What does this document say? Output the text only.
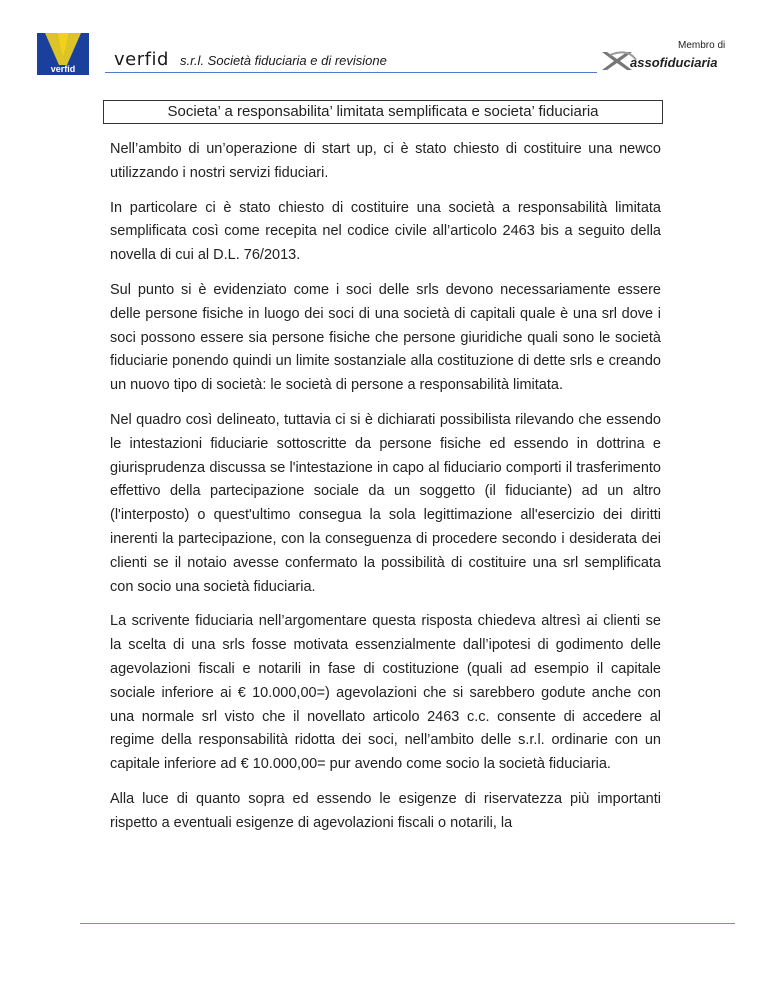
verfid verfid s.r.l. Società fiduciaria e di revisione
Membro di
assofiduciaria
Societa’ a responsabilita’ limitata semplificata e societa’ fiduciaria

Nell’ambito di un’operazione di start up, ci è stato chiesto di costituire una newco utilizzando i nostri servizi fiduciari.

In particolare ci è stato chiesto di costituire una società a responsabilità limitata semplificata così come recepita nel codice civile all’articolo 2463 bis a seguito della novella di cui al D.L. 76/2013.

Sul punto si è evidenziato come i soci delle srls devono necessariamente essere delle persone fisiche in luogo dei soci di una società di capitali quale è una srl dove i soci possono essere sia persone fisiche che persone giuridiche quali sono le società fiduciarie ponendo quindi un limite sostanziale alla costituzione di dette srls e creando un nuovo tipo di società: le società di persone a responsabilità limitata.

Nel quadro così delineato, tuttavia ci si è dichiarati possibilista rilevando che essendo le intestazioni fiduciarie sottoscritte da persone fisiche ed essendo in dottrina e giurisprudenza discussa se l'intestazione in capo al fiduciario comporti il trasferimento effettivo della partecipazione sociale da un soggetto (il fiduciante) ad un altro (l'interposto) o quest'ultimo consegua la sola legittimazione all'esercizio dei diritti inerenti la partecipazione, con la conseguenza di procedere secondo i desiderata dei clienti se il notaio avesse confermato la possibilità di costituire una srl semplificata con socio una società fiduciaria.

La scrivente fiduciaria nell’argomentare questa risposta chiedeva altresì ai clienti se la scelta di una srls fosse motivata essenzialmente dall’ipotesi di godimento delle agevolazioni fiscali e notarili in fase di costituzione (quali ad esempio il capitale sociale inferiore ai € 10.000,00=) agevolazioni che si sarebbero godute anche con una normale srl visto che il novellato articolo 2463 c.c. consente di accedere al regime della responsabilità ridotta dei soci, nell’ambito delle s.r.l. ordinarie con un capitale inferiore ad € 10.000,00= pur avendo come socio la società fiduciaria.

Alla luce di quanto sopra ed essendo le esigenze di riservatezza più importanti rispetto a eventuali esigenze di agevolazioni fiscali o notarili, la
